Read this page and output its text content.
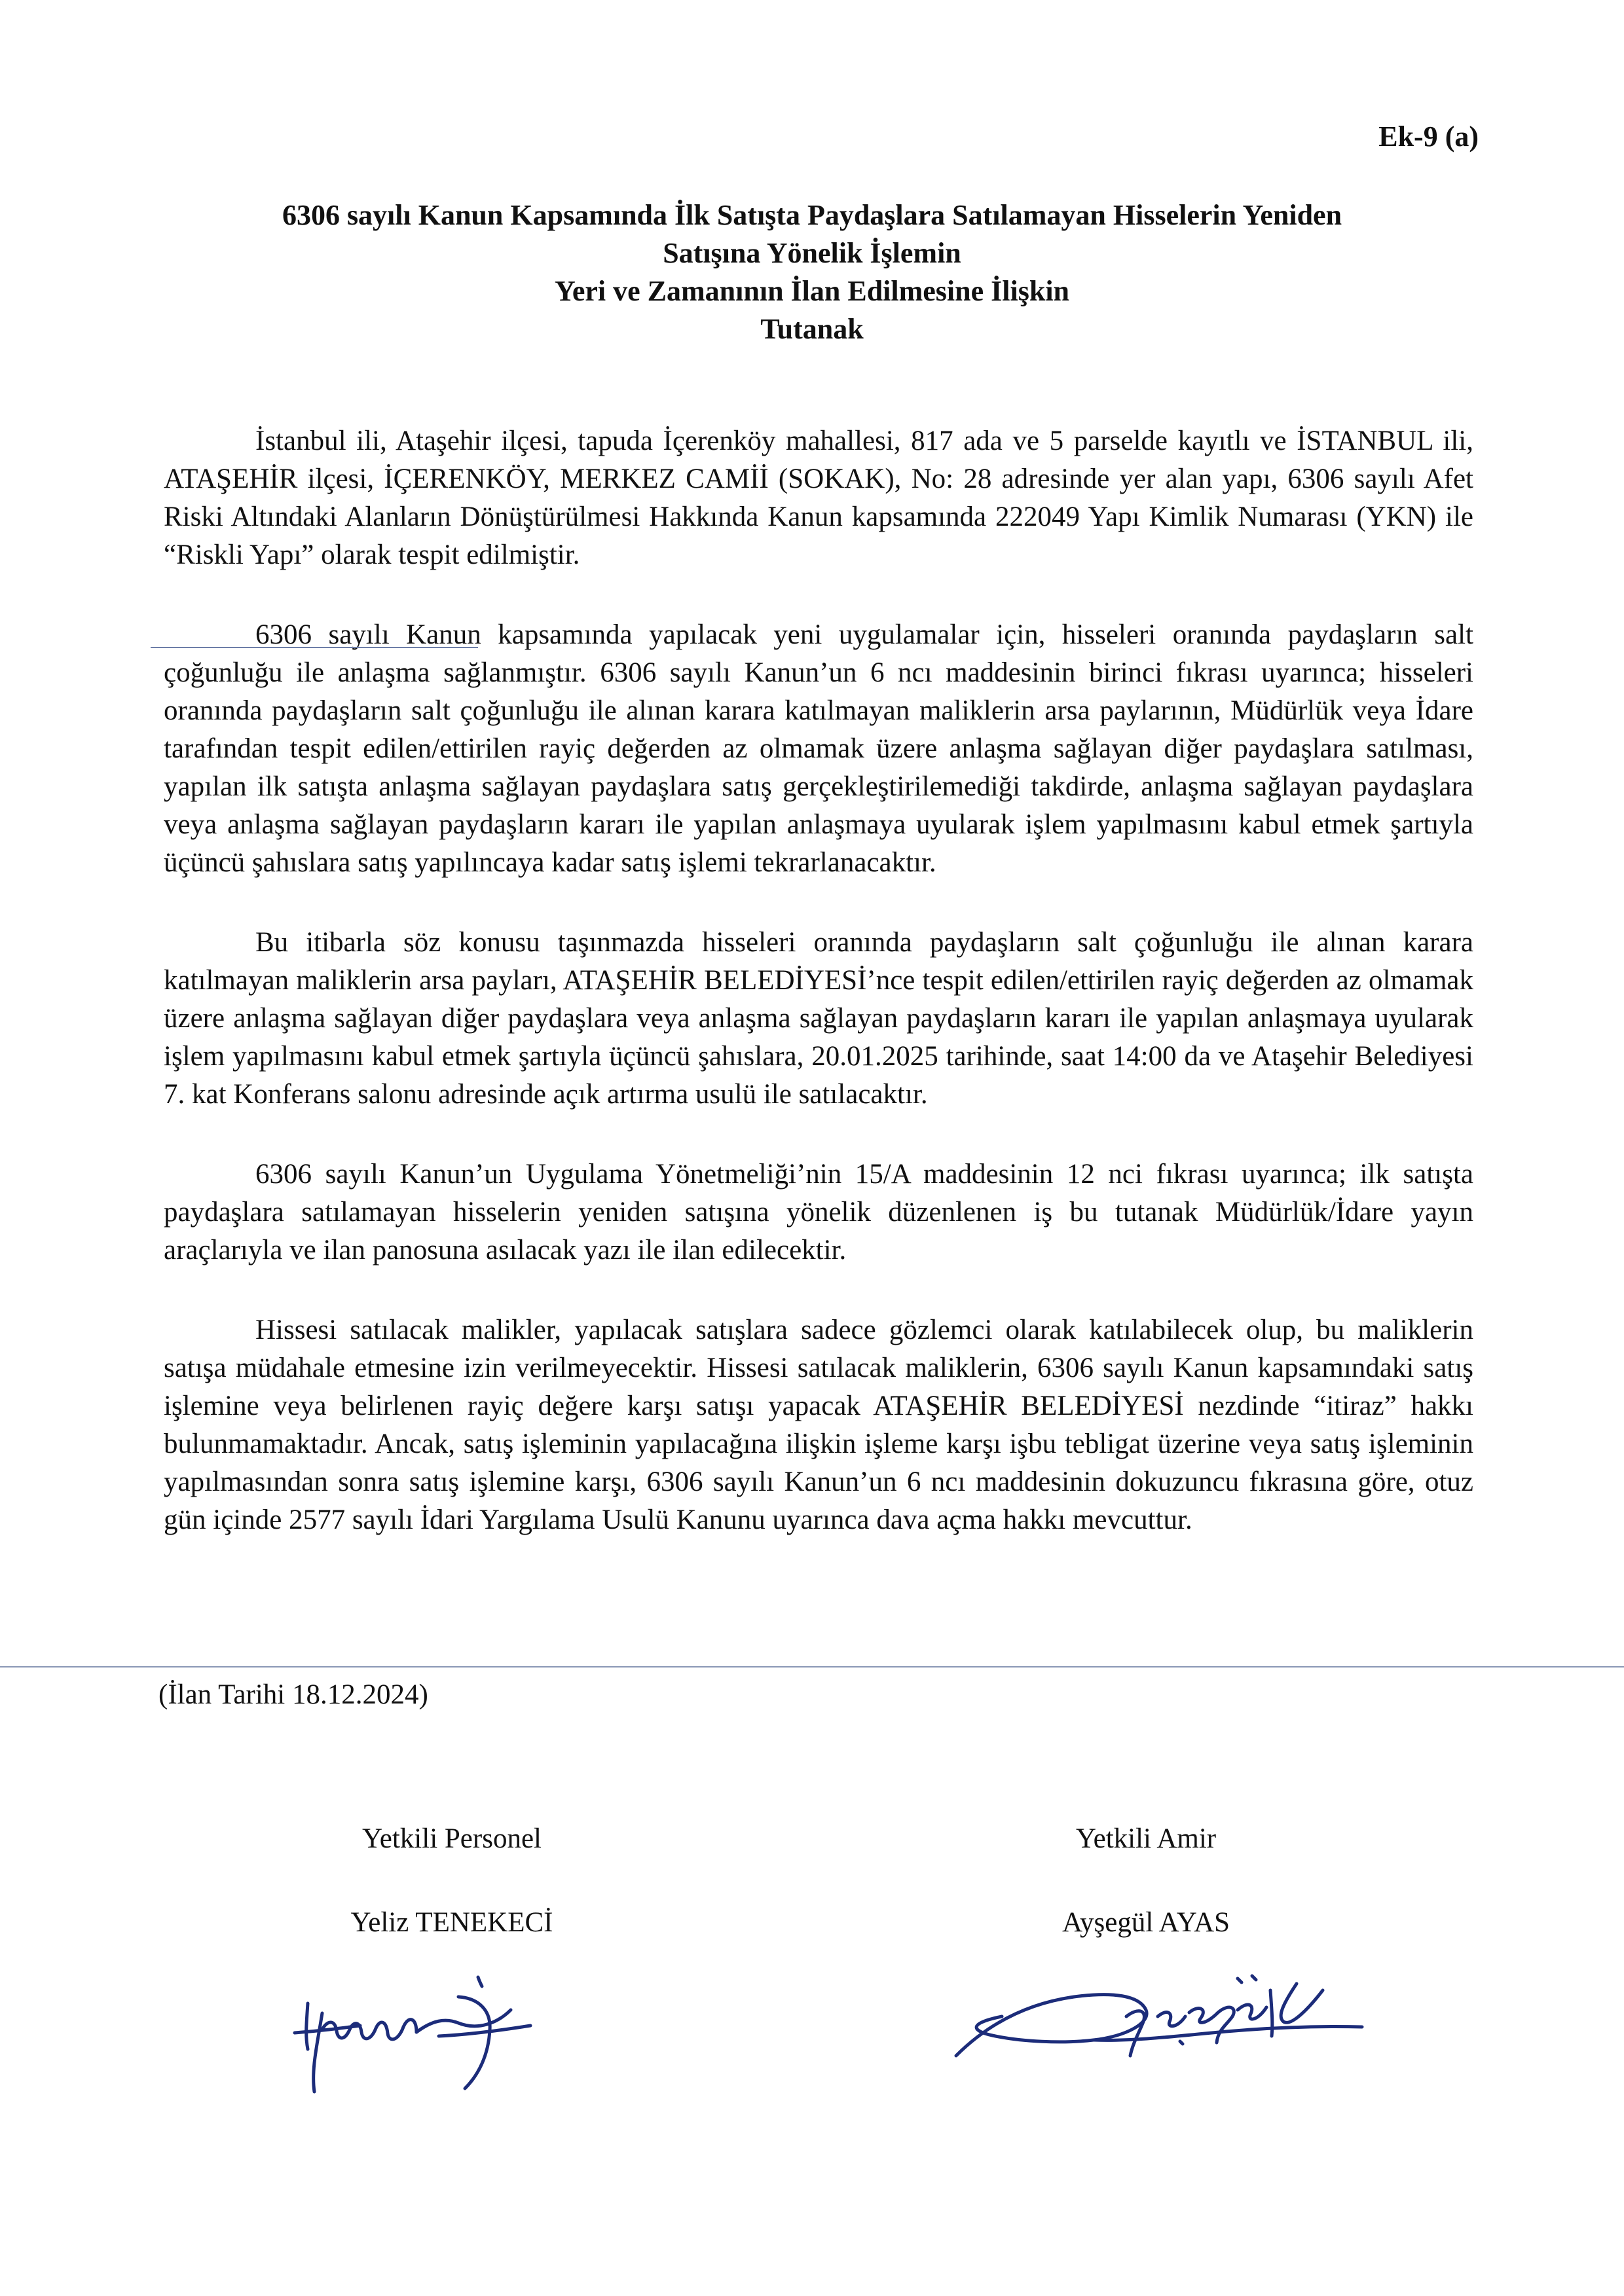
Ek-9 (a)

6306 sayılı Kanun Kapsamında İlk Satışta Paydaşlara Satılamayan Hisselerin Yeniden
Satışına Yönelik İşlemin
Yeri ve Zamanının İlan Edilmesine İlişkin
Tutanak

İstanbul ili, Ataşehir ilçesi, tapuda İçerenköy mahallesi, 817 ada ve 5 parselde kayıtlı ve İSTANBUL ili, ATAŞEHİR ilçesi, İÇERENKÖY, MERKEZ CAMİİ (SOKAK), No: 28 adresinde yer alan yapı, 6306 sayılı Afet Riski Altındaki Alanların Dönüştürülmesi Hakkında Kanun kapsamında 222049 Yapı Kimlik Numarası (YKN) ile “Riskli Yapı” olarak tespit edilmiştir.

6306 sayılı Kanun kapsamında yapılacak yeni uygulamalar için, hisseleri oranında paydaşların salt çoğunluğu ile anlaşma sağlanmıştır. 6306 sayılı Kanun’un 6 ncı maddesinin birinci fıkrası uyarınca; hisseleri oranında paydaşların salt çoğunluğu ile alınan karara katılmayan maliklerin arsa paylarının, Müdürlük veya İdare tarafından tespit edilen/ettirilen rayiç değerden az olmamak üzere anlaşma sağlayan diğer paydaşlara satılması, yapılan ilk satışta anlaşma sağlayan paydaşlara satış gerçekleştirilemediği takdirde, anlaşma sağlayan paydaşlara veya anlaşma sağlayan paydaşların kararı ile yapılan anlaşmaya uyularak işlem yapılmasını kabul etmek şartıyla üçüncü şahıslara satış yapılıncaya kadar satış işlemi tekrarlanacaktır.

Bu itibarla söz konusu taşınmazda hisseleri oranında paydaşların salt çoğunluğu ile alınan karara katılmayan maliklerin arsa payları, ATAŞEHİR BELEDİYESİ’nce tespit edilen/ettirilen rayiç değerden az olmamak üzere anlaşma sağlayan diğer paydaşlara veya anlaşma sağlayan paydaşların kararı ile yapılan anlaşmaya uyularak işlem yapılmasını kabul etmek şartıyla üçüncü şahıslara, 20.01.2025 tarihinde, saat 14:00 da ve Ataşehir Belediyesi 7. kat Konferans salonu adresinde açık artırma usulü ile satılacaktır.

6306 sayılı Kanun’un Uygulama Yönetmeliği’nin 15/A maddesinin 12 nci fıkrası uyarınca; ilk satışta paydaşlara satılamayan hisselerin yeniden satışına yönelik düzenlenen iş bu tutanak Müdürlük/İdare yayın araçlarıyla ve ilan panosuna asılacak yazı ile ilan edilecektir.

Hissesi satılacak malikler, yapılacak satışlara sadece gözlemci olarak katılabilecek olup, bu maliklerin satışa müdahale etmesine izin verilmeyecektir. Hissesi satılacak maliklerin, 6306 sayılı Kanun kapsamındaki satış işlemine veya belirlenen rayiç değere karşı satışı yapacak ATAŞEHİR BELEDİYESİ nezdinde “itiraz” hakkı bulunmamaktadır. Ancak, satış işleminin yapılacağına ilişkin işleme karşı işbu tebligat üzerine veya satış işleminin yapılmasından sonra satış işlemine karşı, 6306 sayılı Kanun’un 6 ncı maddesinin dokuzuncu fıkrasına göre, otuz gün içinde 2577 sayılı İdari Yargılama Usulü Kanunu uyarınca dava açma hakkı mevcuttur.

(İlan Tarihi 18.12.2024)
Yetkili Personel
Yeliz TENEKECİ
Yetkili Amir
Ayşegül AYAS
